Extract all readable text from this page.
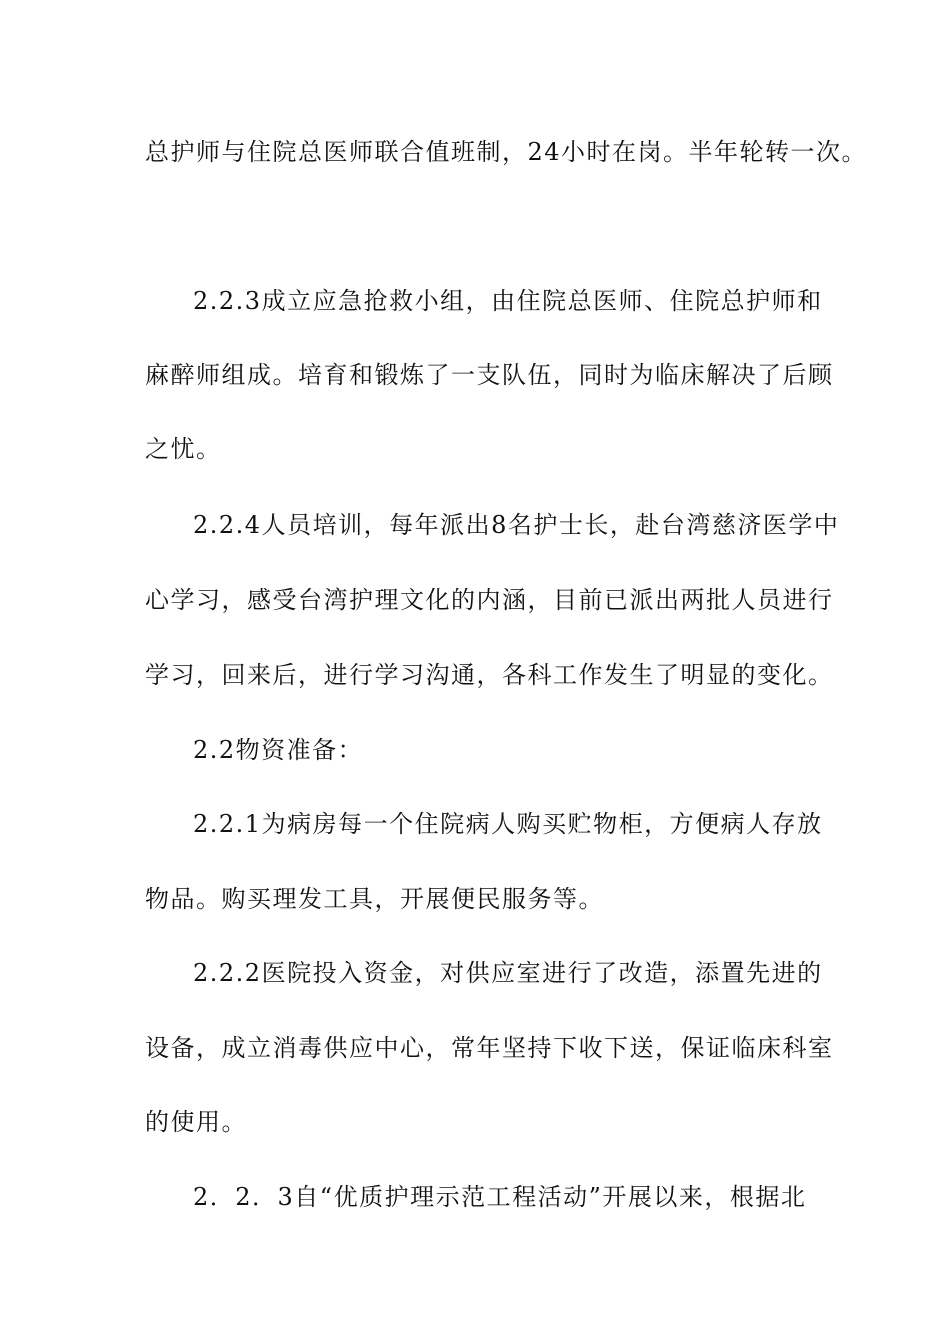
总护师与住院总医师联合值班制，24小时在岗。半年轮转一次。
2.2.3成立应急抢救小组，由住院总医师、住院总护师和
麻醉师组成。培育和锻炼了一支队伍，同时为临床解决了后顾
之忧。
2.2.4人员培训，每年派出8名护士长，赴台湾慈济医学中
心学习，感受台湾护理文化的内涵，目前已派出两批人员进行
学习，回来后，进行学习沟通，各科工作发生了明显的变化。
2.2物资准备：
2.2.1为病房每一个住院病人购买贮物柜，方便病人存放
物品。购买理发工具，开展便民服务等。
2.2.2医院投入资金，对供应室进行了改造，添置先进的
设备，成立消毒供应中心，常年坚持下收下送，保证临床科室
的使用。
2．2．3自“优质护理示范工程活动”开展以来，根据北
